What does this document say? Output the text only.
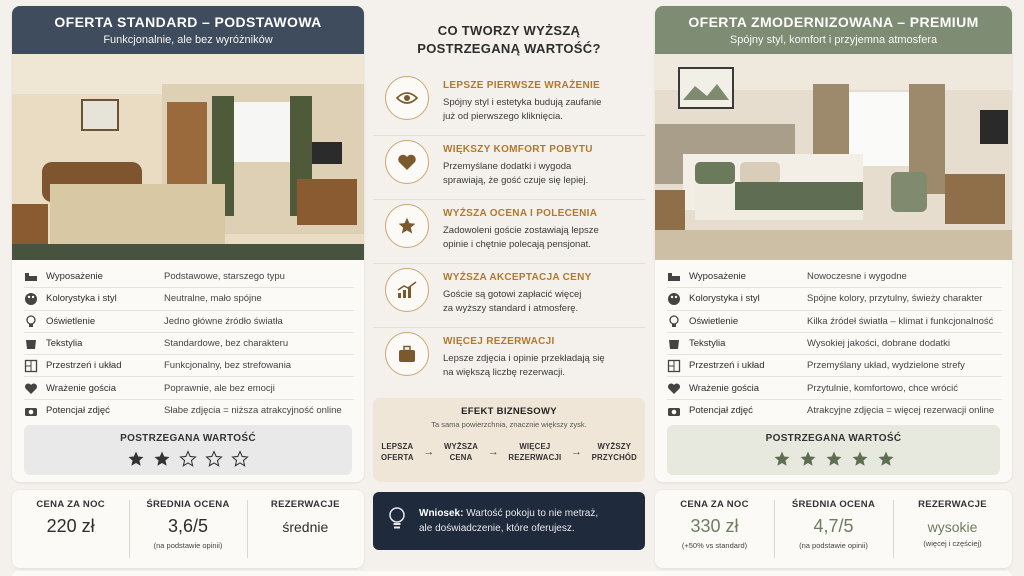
OFERTA STANDARD – PODSTAWOWA
Funkcjonalnie, ale bez wyróżników
Wyposażenie	Podstawowe, starszego typu
Kolorystyka i styl	Neutralne, mało spójne
Oświetlenie	Jedno główne źródło światła
Tekstylia	Standardowe, bez charakteru
Przestrzeń i układ	Funkcjonalny, bez strefowania
Wrażenie gościa	Poprawnie, ale bez emocji
Potencjał zdjęć	Słabe zdjęcia = niższa atrakcyjność online
POSTRZEGANA WARTOŚĆ
CO TWORZY WYŻSZĄ
POSTRZEGANĄ WARTOŚĆ?
LEPSZE PIERWSZE WRAŻENIE
Spójny styl i estetyka budują zaufanie
już od pierwszego kliknięcia.
WIĘKSZY KOMFORT POBYTU
Przemyślane dodatki i wygoda
sprawiają, że gość czuje się lepiej.
WYŻSZA OCENA I POLECENIA
Zadowoleni goście zostawiają lepsze
opinie i chętnie polecają pensjonat.
WYŻSZA AKCEPTACJA CENY
Goście są gotowi zapłacić więcej
za wyższy standard i atmosferę.
WIĘCEJ REZERWACJI
Lepsze zdjęcia i opinie przekładają się
na większą liczbę rezerwacji.
EFEKT BIZNESOWY
Ta sama powierzchnia, znacznie większy zysk.
LEPSZA
OFERTA → WYŻSZA
CENA	→	WIĘCEJ
REZERWACJI →	WYŻSZY
PRZYCHÓD
OFERTA ZMODERNIZOWANA – PREMIUM
Spójny styl, komfort i przyjemna atmosfera
Wyposażenie	Nowoczesne i wygodne
Kolorystyka i styl	Spójne kolory, przytulny, świeży charakter
Oświetlenie	Kilka źródeł światła – klimat i funkcjonalność
Tekstylia	Wysokiej jakości, dobrane dodatki
Przestrzeń i układ	Przemyślany układ, wydzielone strefy
Wrażenie gościa	Przytulnie, komfortowo, chce wrócić
Potencjał zdjęć	Atrakcyjne zdjęcia = więcej rezerwacji online
POSTRZEGANA WARTOŚĆ
CENA ZA NOC
220 zł
ŚREDNIA OCENA
3,6/5
(na podstawie opinii)
REZERWACJE
średnie
Wniosek: Wartość pokoju to nie metraż,
ale doświadczenie, które oferujesz.
CENA ZA NOC
330 zł
(+50% vs standard)
ŚREDNIA OCENA
4,7/5
(na podstawie opinii)
REZERWACJE
wysokie
(więcej i częściej)
